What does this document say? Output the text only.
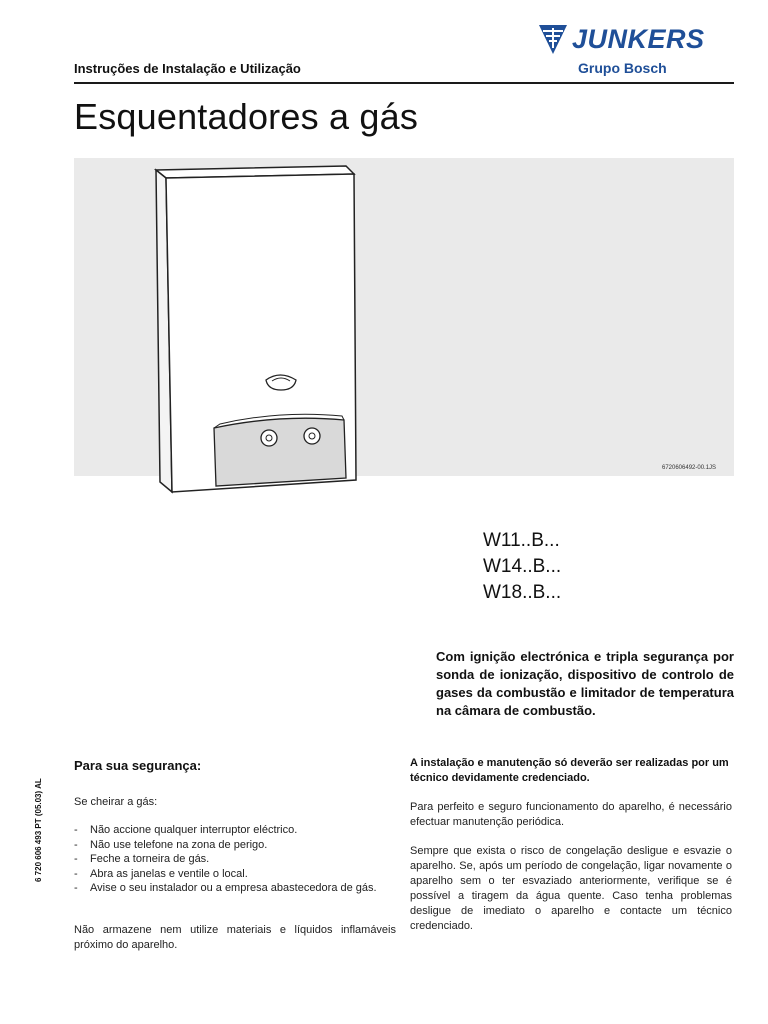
JUNKERS
Grupo Bosch
Instruções de Instalação e Utilização
Esquentadores a gás
6720606492-00.1JS
W11..B...
W14..B...
W18..B...
Com ignição electrónica e tripla segurança por sonda de ionização, dispositivo de controlo de gases da combustão e limitador de temperatura na câmara de combustão.
6 720 606 493 PT (05.03) AL
Para sua segurança:
Se cheirar a gás:
- Não accione qualquer interruptor eléctrico.
- Não use telefone na zona de perigo.
- Feche a torneira de gás.
- Abra as janelas e ventile o local.
- Avise o seu instalador ou a empresa abastecedora de gás.
Não armazene nem utilize materiais e líquidos inflamáveis próximo do aparelho.
A instalação e manutenção só deverão ser realizadas por um técnico devidamente credenciado.
Para perfeito e seguro funcionamento do aparelho, é necessário efectuar manutenção periódica.
Sempre que exista o risco de congelação desligue e esvazie o aparelho. Se, após um período de congelação, ligar novamente o aparelho sem o ter esvaziado anteriormente, verifique se é possível a tiragem da água quente. Caso tenha problemas desligue de imediato o aparelho e contacte um técnico credenciado.
